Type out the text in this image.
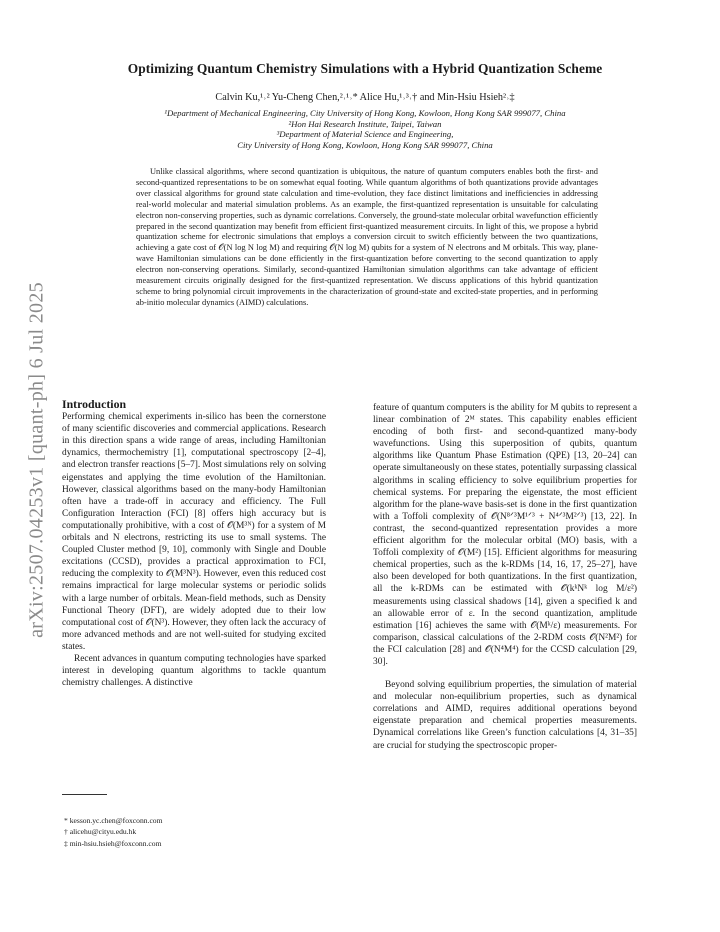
arXiv:2507.04253v1 [quant-ph] 6 Jul 2025
Optimizing Quantum Chemistry Simulations with a Hybrid Quantization Scheme
Calvin Ku,¹˒² Yu-Cheng Chen,²˒¹˒* Alice Hu,¹˒³˒† and Min-Hsiu Hsieh²˒‡
¹Department of Mechanical Engineering, City University of Hong Kong, Kowloon, Hong Kong SAR 999077, China
²Hon Hai Research Institute, Taipei, Taiwan
³Department of Material Science and Engineering,
City University of Hong Kong, Kowloon, Hong Kong SAR 999077, China

Unlike classical algorithms, where second quantization is ubiquitous, the nature of quantum computers enables both the first- and second-quantized representations to be on somewhat equal footing. While quantum algorithms of both quantizations provide advantages over classical algorithms for ground state calculation and time-evolution, they face distinct limitations and inefficiencies in addressing real-world molecular and material simulation problems. As an example, the first-quantized representation is unsuitable for calculating electron non-conserving properties, such as dynamic correlations. Conversely, the ground-state molecular orbital wavefunction efficiently prepared in the second quantization may benefit from efficient first-quantized measurement circuits. In light of this, we propose a hybrid quantization scheme for electronic simulations that employs a conversion circuit to switch efficiently between the two quantizations, achieving a gate cost of 𝒪(N log N log M) and requiring 𝒪(N log M) qubits for a system of N electrons and M orbitals. This way, plane-wave Hamiltonian simulations can be done efficiently in the first-quantization before converting to the second quantization to apply electron non-conserving operations. Similarly, second-quantized Hamiltonian simulation algorithms can take advantage of efficient measurement circuits originally designed for the first-quantized representation. We discuss applications of this hybrid quantization scheme to bring polynomial circuit improvements in the characterization of ground-state and excited-state properties, and in performing ab-initio molecular dynamics (AIMD) calculations.

Introduction

Performing chemical experiments in-silico has been the cornerstone of many scientific discoveries and commercial applications. Research in this direction spans a wide range of areas, including Hamiltonian dynamics, thermochemistry [1], computational spectroscopy [2–4], and electron transfer reactions [5–7]. Most simulations rely on solving eigenstates and applying the time evolution of the Hamiltonian. However, classical algorithms based on the many-body Hamiltonian often have a trade-off in accuracy and efficiency. The Full Configuration Interaction (FCI) [8] offers high accuracy but is computationally prohibitive, with a cost of 𝒪(M³ᴺ) for a system of M orbitals and N electrons, restricting its use to small systems. The Coupled Cluster method [9, 10], commonly with Single and Double excitations (CCSD), provides a practical approximation to FCI, reducing the complexity to 𝒪(M³N³). However, even this reduced cost remains impractical for large molecular systems or periodic solids with a large number of orbitals. Mean-field methods, such as Density Functional Theory (DFT), are widely adopted due to their low computational cost of 𝒪(N³). However, they often lack the accuracy of more advanced methods and are not well-suited for studying excited states.

Recent advances in quantum computing technologies have sparked interest in developing quantum algorithms to tackle quantum chemistry challenges. A distinctive

feature of quantum computers is the ability for M qubits to represent a linear combination of 2ᴹ states. This capability enables efficient encoding of both first- and second-quantized many-body wavefunctions. Using this superposition of qubits, quantum algorithms like Quantum Phase Estimation (QPE) [13, 20–24] can operate simultaneously on these states, potentially surpassing classical algorithms in scaling efficiency to solve equilibrium properties for chemical systems. For preparing the eigenstate, the most efficient algorithm for the plane-wave basis-set is done in the first quantization with a Toffoli complexity of 𝒪(N⁸ᐟ³M¹ᐟ³ + N⁴ᐟ³M²ᐟ³) [13, 22]. In contrast, the second-quantized representation provides a more efficient algorithm for the molecular orbital (MO) basis, with a Toffoli complexity of 𝒪(M²) [15]. Efficient algorithms for measuring chemical properties, such as the k-RDMs [14, 16, 17, 25–27], have also been developed for both quantizations. In the first quantization, all the k-RDMs can be estimated with 𝒪(kᵏNᵏ log M/ε²) measurements using classical shadows [14], given a specified k and an allowable error of ε. In the second quantization, amplitude estimation [16] achieves the same with 𝒪(Mᵏ/ε) measurements. For comparison, classical calculations of the 2-RDM costs 𝒪(N²M²) for the FCI calculation [28] and 𝒪(N⁴M⁴) for the CCSD calculation [29, 30].

Beyond solving equilibrium properties, the simulation of material and molecular non-equilibrium properties, such as dynamical correlations and AIMD, requires additional operations beyond eigenstate preparation and chemical properties measurements. Dynamical correlations like Green’s function calculations [4, 31–35] are crucial for studying the spectroscopic proper-

* kesson.yc.chen@foxconn.com
† alicehu@cityu.edu.hk
‡ min-hsiu.hsieh@foxconn.com
